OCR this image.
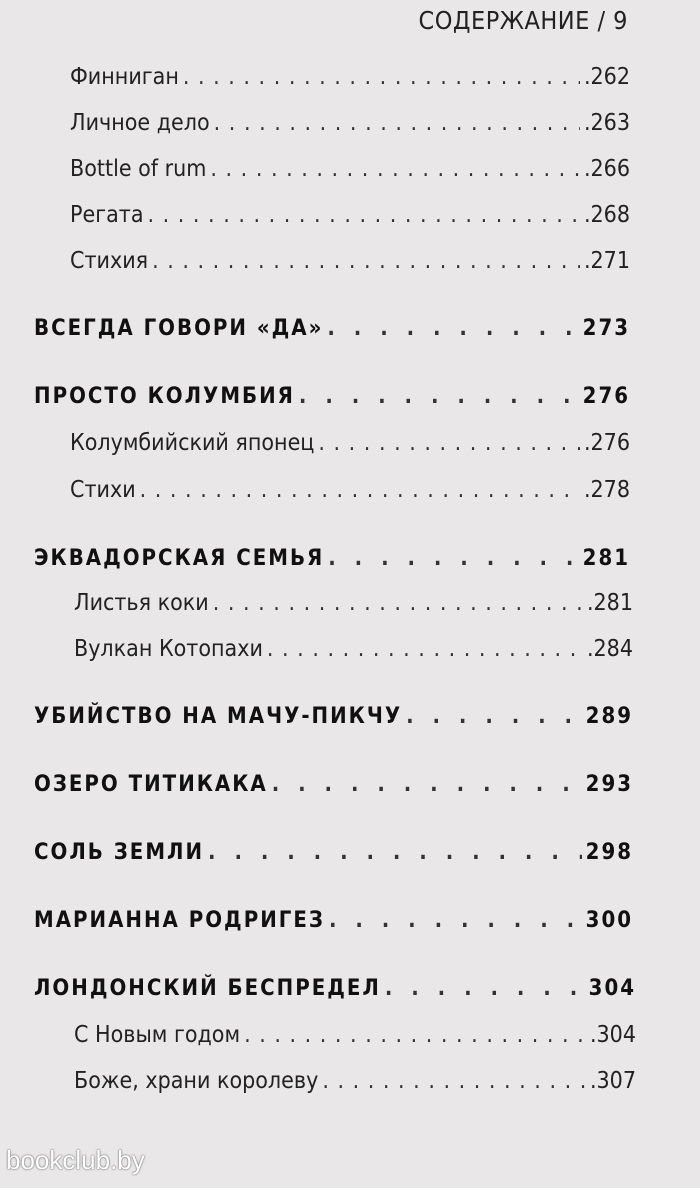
СОДЕРЖАНИЕ / 9
Финниган . . .	.262
Личное дело . . .	.263
Bottle of rum . . .	.266
Регата . . .	.268
Стихия . . .	.271
ВСЕГДА ГОВОРИ «ДА» . . .	273
ПРОСТО КОЛУМБИЯ . . .	276
Колумбийский японец . . .	.276
Стихи . . .	.278
ЭКВАДОРСКАЯ СЕМЬЯ . . .	281
Листья коки . . .	.281
Вулкан Котопахи . . .	.284
УБИЙСТВО НА МАЧУ-ПИКЧУ . . .	289
ОЗЕРО ТИТИКАКА . . .	293
СОЛЬ ЗЕМЛИ . . .	298
МАРИАННА РОДРИГЕЗ . . .	300
ЛОНДОНСКИЙ БЕСПРЕДЕЛ . . .	304
С Новым годом . . .	.304
Боже, храни королеву . . .	.307
bookclub.by
